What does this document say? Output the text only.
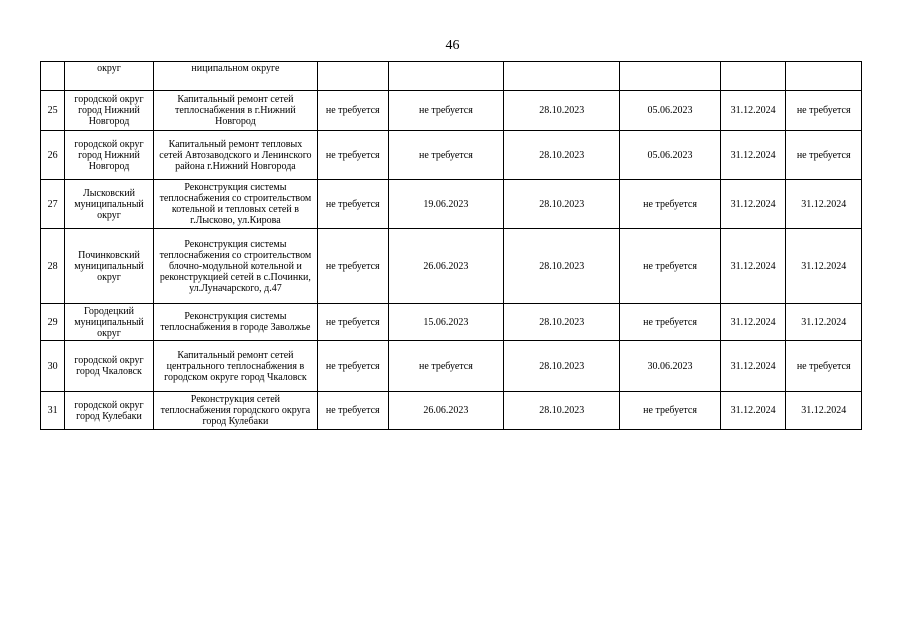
46
	округ	ниципальном округе						
25	городской округ город Нижний Новгород	Капитальный ремонт сетей теплоснабжения в г.Нижний Новгород	не требуется	не требуется	28.10.2023	05.06.2023	31.12.2024	не требуется
26	городской округ город Нижний Новгород	Капитальный ремонт тепловых сетей Автозаводского и Ленинского района г.Нижний Новгорода	не требуется	не требуется	28.10.2023	05.06.2023	31.12.2024	не требуется
27	Лысковский муниципальный округ	Реконструкция системы теплоснабжения со строительством котельной и тепловых сетей в г.Лысково, ул.Кирова	не требуется	19.06.2023	28.10.2023	не требуется	31.12.2024	31.12.2024
28	Починковский муниципальный округ	Реконструкция системы теплоснабжения со строительством блочно-модульной котельной и реконструкцией сетей в с.Починки, ул.Луначарского, д.47	не требуется	26.06.2023	28.10.2023	не требуется	31.12.2024	31.12.2024
29	Городецкий муниципальный округ	Реконструкция системы теплоснабжения в городе Заволжье	не требуется	15.06.2023	28.10.2023	не требуется	31.12.2024	31.12.2024
30	городской округ город Чкаловск	Капитальный ремонт сетей центрального теплоснабжения в городском округе город Чкаловск	не требуется	не требуется	28.10.2023	30.06.2023	31.12.2024	не требуется
31	городской округ город Кулебаки	Реконструкция сетей теплоснабжения городского округа город Кулебаки	не требуется	26.06.2023	28.10.2023	не требуется	31.12.2024	31.12.2024
